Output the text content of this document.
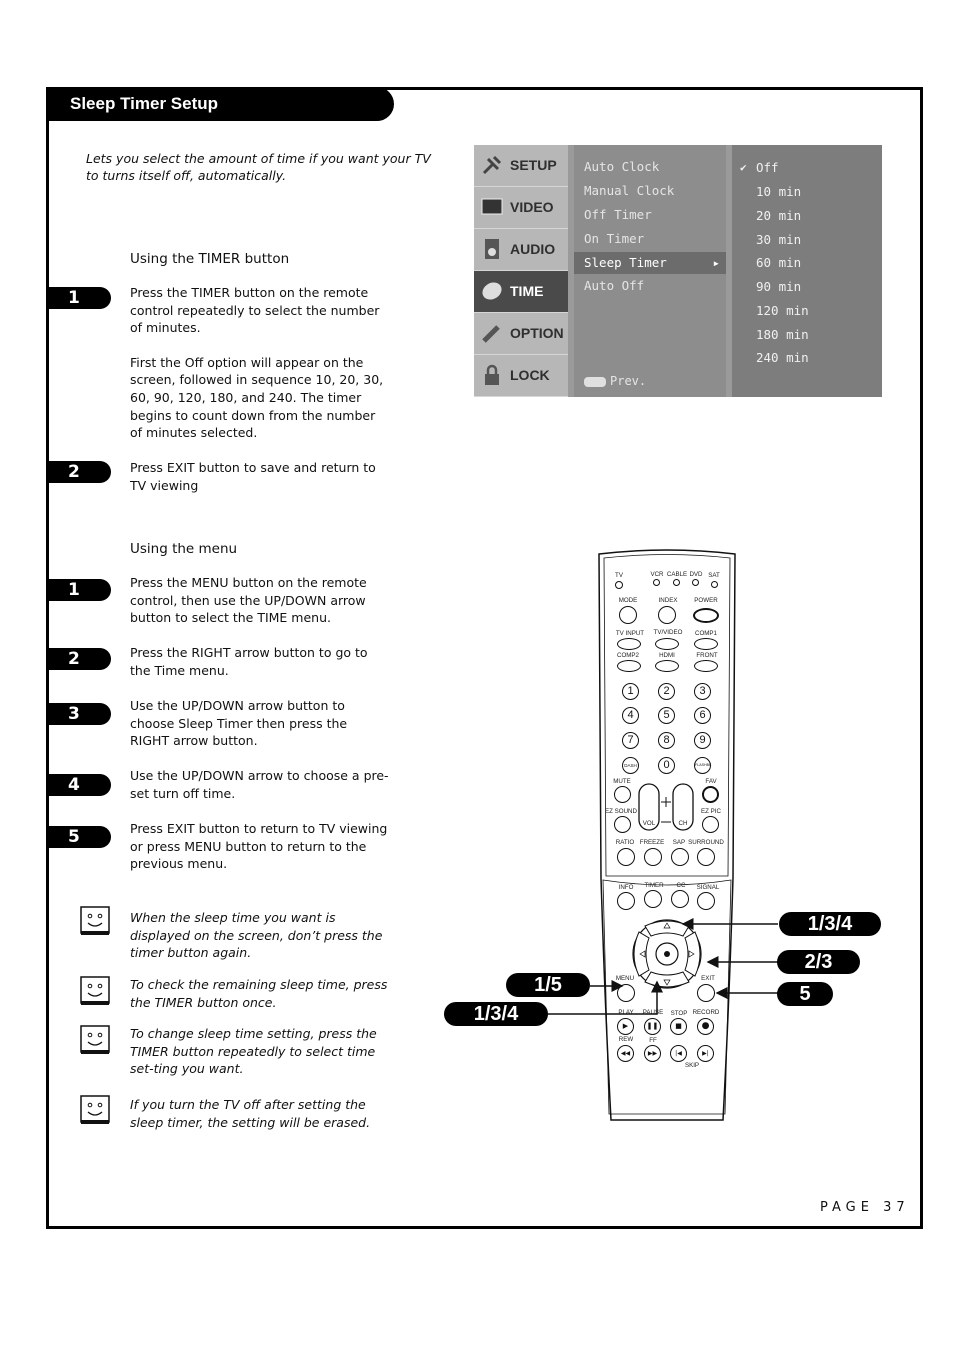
Sleep Timer Setup
Lets you select the amount of time if you want your TV to turns itself off, automatically.
Using the TIMER button
1	Press the TIMER button on the remote control repeatedly to select the number of minutes.

First the Off option will appear on the screen, followed in sequence 10, 20, 30, 60, 90, 120, 180, and 240. The timer begins to count down from the number of minutes selected.

2	Press EXIT button to save and return to TV viewing

Using the menu
1	Press the MENU button on the remote control, then use the UP/DOWN arrow button to select the TIME menu.
2	Press the RIGHT arrow button to go to the Time menu.
3	Use the UP/DOWN arrow button to choose Sleep Timer then press the RIGHT arrow button.
4	Use the UP/DOWN arrow to choose a pre-set turn off time.
5	Press EXIT button to return to TV viewing or press MENU button to return to the previous menu.
When the sleep time you want is displayed on the screen, don’t press the timer button again.
To check the remaining sleep time, press the TIMER button once.
To change sleep time setting, press the TIMER button repeatedly to select time set-ting you want.
If you turn the TV off after setting the sleep timer, the setting will be erased.
SETUP
VIDEO
AUDIO
TIME
OPTION
LOCK
Auto Clock
Manual Clock
Off Timer
On Timer
Sleep Timer	▸
Auto Off
Prev.
✔ Off
10 min
20 min
30 min
60 min
90 min
120 min
180 min
240 min
TV	VCR CABLE DVD SAT
MODE	INDEX	POWER
TV INPUT TV/VIDEO COMP1
COMP2	HDMI	FRONT
1	2	3
4	5	6
7	8	9
DASH	0	FLASHBK
MUTE	FAV
EZ SOUND	EZ PIC
VOL	CH
RATIO FREEZE SAP SURROUND
INFO TIMER CC SIGNAL
MENU	EXIT
PLAY PAUSE STOP RECORD
▶	❚❚	■	●
REW	FF
◀◀	▶▶	|◀	▶|
SKIP
1/3/4
2/3
5
1/5
1/3/4
PAGE 37
